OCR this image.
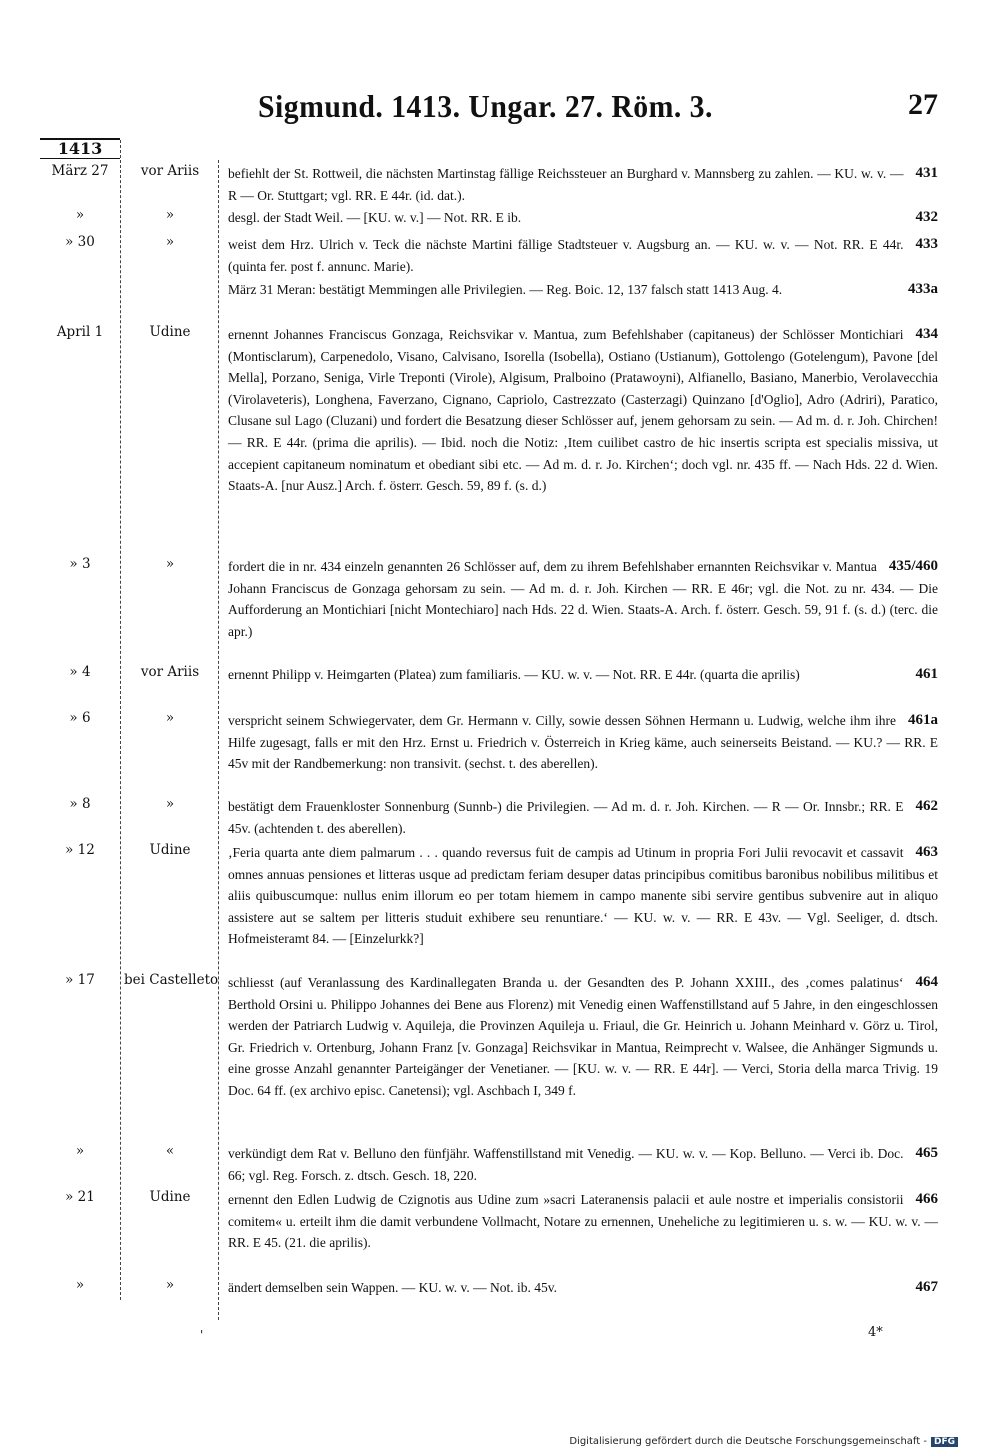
Sigmund. 1413. Ungar. 27. Röm. 3.	27
1413
März 27	vor Ariis	431
befiehlt der St. Rottweil, die nächsten Martinstag fällige Reichssteuer an Burghard v. Mannsberg zu zahlen. — KU. w. v. — R — Or. Stuttgart; vgl. RR. E 44r. (id. dat.).
»	»	432
desgl. der Stadt Weil. — [KU. w. v.] — Not. RR. E ib.
» 30	»	433
weist dem Hrz. Ulrich v. Teck die nächste Martini fällige Stadtsteuer v. Augsburg an. — KU. w. v. — Not. RR. E 44r. (quinta fer. post f. annunc. Marie).
433a
März 31 Meran: bestätigt Memmingen alle Privilegien. — Reg. Boic. 12, 137 falsch statt 1413 Aug. 4.
April 1	Udine	434
ernennt Johannes Franciscus Gonzaga, Reichsvikar v. Mantua, zum Befehlshaber (capitaneus) der Schlösser Montichiari (Montisclarum), Carpenedolo, Visano, Calvisano, Isorella (Isobella), Ostiano (Ustianum), Gottolengo (Gotelengum), Pavone [del Mella], Porzano, Seniga, Virle Treponti (Virole), Algisum, Pralboino (Pratawoyni), Alfianello, Basiano, Manerbio, Verolavecchia (Virolaveteris), Longhena, Faverzano, Cignano, Capriolo, Castrezzato (Casterzagi) Quinzano [d'Oglio], Adro (Adriri), Paratico, Clusane sul Lago (Cluzani) und fordert die Besatzung dieser Schlösser auf, jenem gehorsam zu sein. — Ad m. d. r. Joh. Chirchen! — RR. E 44r. (prima die aprilis). — Ibid. noch die Notiz: ‚Item cuilibet castro de hic insertis scripta est specialis missiva, ut accepient capitaneum nominatum et obediant sibi etc. — Ad m. d. r. Jo. Kirchen‘; doch vgl. nr. 435 ff. — Nach Hds. 22 d. Wien. Staats-A. [nur Ausz.] Arch. f. österr. Gesch. 59, 89 f. (s. d.)
» 3	»	435/460
fordert die in nr. 434 einzeln genannten 26 Schlösser auf, dem zu ihrem Befehlshaber ernannten Reichsvikar v. Mantua Johann Franciscus de Gonzaga gehorsam zu sein. — Ad m. d. r. Joh. Kirchen — RR. E 46r; vgl. die Not. zu nr. 434. — Die Aufforderung an Montichiari [nicht Montechiaro] nach Hds. 22 d. Wien. Staats-A. Arch. f. österr. Gesch. 59, 91 f. (s. d.) (terc. die apr.)
» 4	vor Ariis	461
ernennt Philipp v. Heimgarten (Platea) zum familiaris. — KU. w. v. — Not. RR. E 44r. (quarta die aprilis)
» 6	»	461a
verspricht seinem Schwiegervater, dem Gr. Hermann v. Cilly, sowie dessen Söhnen Hermann u. Ludwig, welche ihm ihre Hilfe zugesagt, falls er mit den Hrz. Ernst u. Friedrich v. Österreich in Krieg käme, auch seinerseits Beistand. — KU.? — RR. E 45v mit der Randbemerkung: non transivit. (sechst. t. des aberellen).
» 8	»	462
bestätigt dem Frauenkloster Sonnenburg (Sunnb-) die Privilegien. — Ad m. d. r. Joh. Kirchen. — R — Or. Innsbr.; RR. E 45v. (achtenden t. des aberellen).
» 12	Udine	463
‚Feria quarta ante diem palmarum . . . quando reversus fuit de campis ad Utinum in propria Fori Julii revocavit et cassavit omnes annuas pensiones et litteras usque ad predictam feriam desuper datas principibus comitibus baronibus nobilibus militibus et aliis quibuscumque: nullus enim illorum eo per totam hiemem in campo manente sibi servire gentibus subvenire aut in aliquo assistere aut se saltem per litteris studuit exhibere seu renuntiare.‘ — KU. w. v. — RR. E 43v. — Vgl. Seeliger, d. dtsch. Hofmeisteramt 84. — [Einzelurkk?]
» 17	bei Castelleto	464
schliesst (auf Veranlassung des Kardinallegaten Branda u. der Gesandten des P. Johann XXIII., des ‚comes palatinus‘ Berthold Orsini u. Philippo Johannes dei Bene aus Florenz) mit Venedig einen Waffenstillstand auf 5 Jahre, in den eingeschlossen werden der Patriarch Ludwig v. Aquileja, die Provinzen Aquileja u. Friaul, die Gr. Heinrich u. Johann Meinhard v. Görz u. Tirol, Gr. Friedrich v. Ortenburg, Johann Franz [v. Gonzaga] Reichsvikar in Mantua, Reimprecht v. Walsee, die Anhänger Sigmunds u. eine grosse Anzahl genannter Parteigänger der Venetianer. — [KU. w. v. — RR. E 44r]. — Verci, Storia della marca Trivig. 19 Doc. 64 ff. (ex archivo episc. Canetensi); vgl. Aschbach I, 349 f.
»	«	465
verkündigt dem Rat v. Belluno den fünfjähr. Waffenstillstand mit Venedig. — KU. w. v. — Kop. Belluno. — Verci ib. Doc. 66; vgl. Reg. Forsch. z. dtsch. Gesch. 18, 220.
» 21	Udine	466
ernennt den Edlen Ludwig de Czignotis aus Udine zum »sacri Lateranensis palacii et aule nostre et imperialis consistorii comitem« u. erteilt ihm die damit verbundene Vollmacht, Notare zu ernennen, Uneheliche zu legitimieren u. s. w. — KU. w. v. — RR. E 45. (21. die aprilis).
»	»	467
ändert demselben sein Wappen. — KU. w. v. — Not. ib. 45v.
'	4*
Digitalisierung gefördert durch die Deutsche Forschungsgemeinschaft - DFG
